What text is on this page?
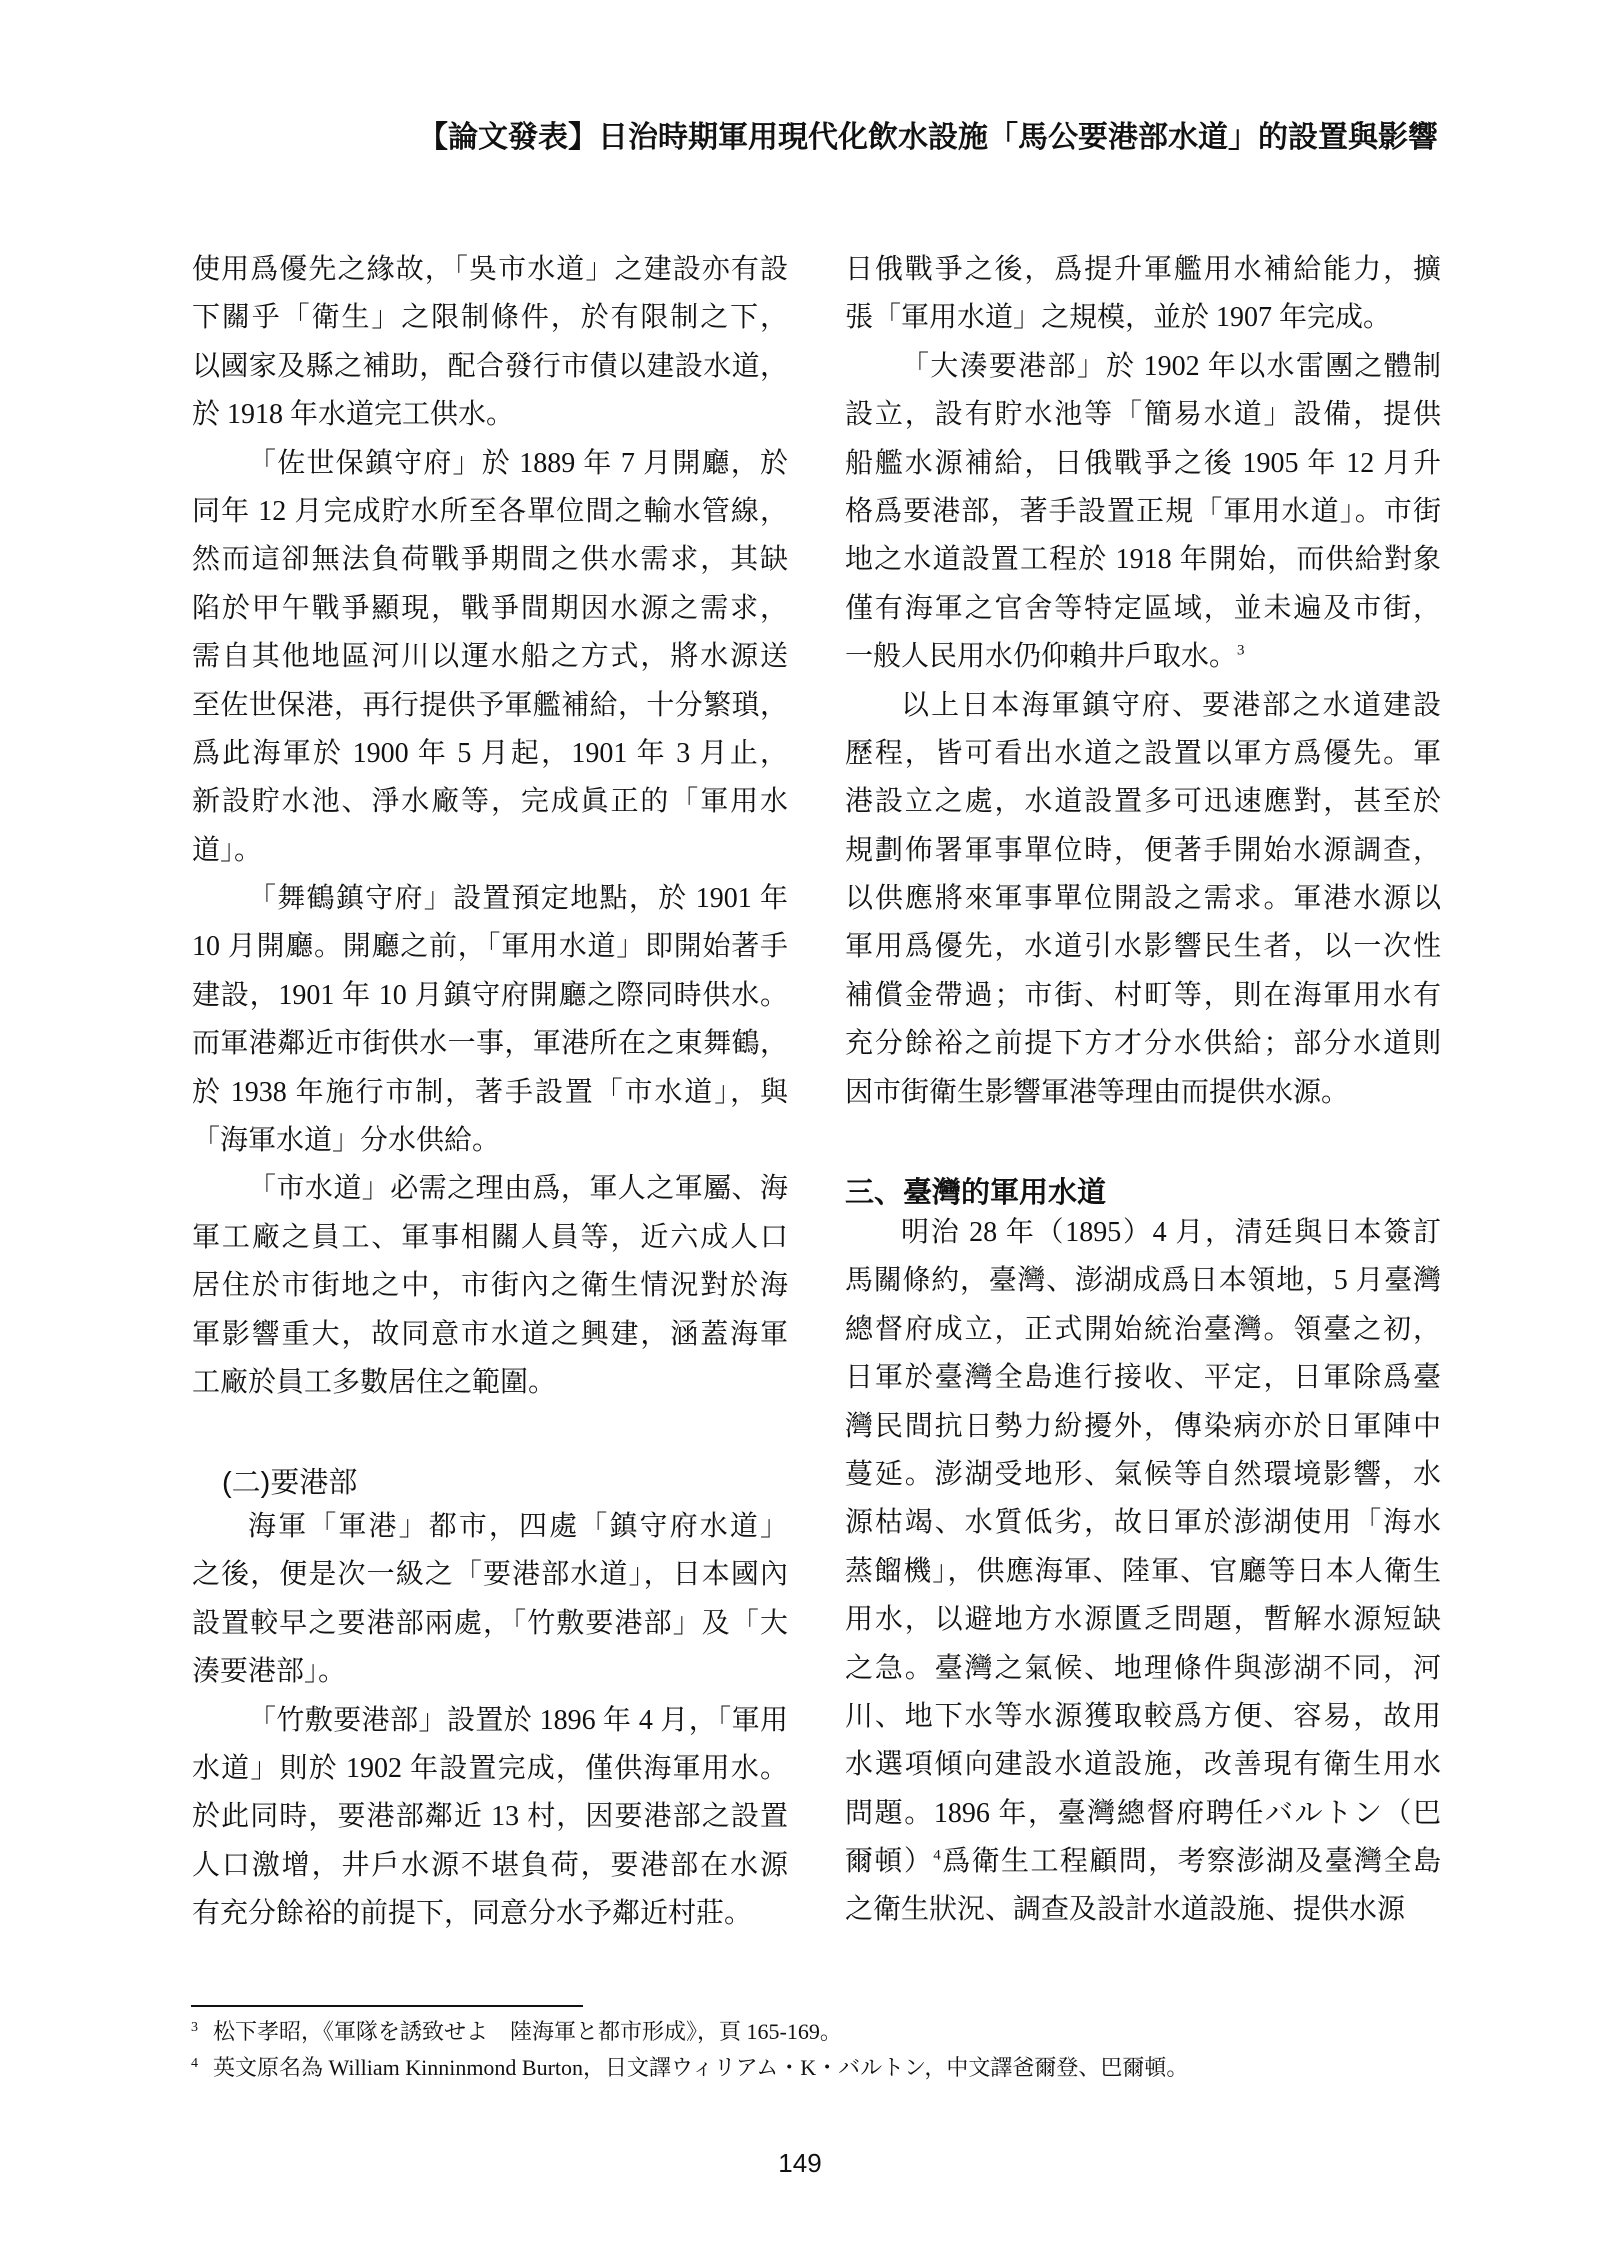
【論文發表】日治時期軍用現代化飲水設施「馬公要港部水道」的設置與影響
使用爲優先之緣故，「吳市水道」之建設亦有設
下關乎「衛生」之限制條件，於有限制之下，
以國家及縣之補助，配合發行市債以建設水道，
於 1918 年水道完工供水。
「佐世保鎮守府」於 1889 年 7 月開廳，於
同年 12 月完成貯水所至各單位間之輸水管線，
然而這卻無法負荷戰爭期間之供水需求，其缺
陷於甲午戰爭顯現，戰爭間期因水源之需求，
需自其他地區河川以運水船之方式，將水源送
至佐世保港，再行提供予軍艦補給，十分繁瑣，
爲此海軍於 1900 年 5 月起，1901 年 3 月止，
新設貯水池、淨水廠等，完成眞正的「軍用水
道」。
「舞鶴鎮守府」設置預定地點，於 1901 年
10 月開廳。開廳之前，「軍用水道」即開始著手
建設，1901 年 10 月鎮守府開廳之際同時供水。
而軍港鄰近市街供水一事，軍港所在之東舞鶴，
於 1938 年施行市制，著手設置「市水道」，與
「海軍水道」分水供給。
「市水道」必需之理由爲，軍人之軍屬、海
軍工廠之員工、軍事相關人員等，近六成人口
居住於市街地之中，市街內之衛生情況對於海
軍影響重大，故同意市水道之興建，涵蓋海軍
工廠於員工多數居住之範圍。
(二)要港部
海軍「軍港」都市，四處「鎮守府水道」
之後，便是次一級之「要港部水道」，日本國內
設置較早之要港部兩處，「竹敷要港部」及「大
湊要港部」。
「竹敷要港部」設置於 1896 年 4 月，「軍用
水道」則於 1902 年設置完成，僅供海軍用水。
於此同時，要港部鄰近 13 村，因要港部之設置
人口激增，井戶水源不堪負荷，要港部在水源
有充分餘裕的前提下，同意分水予鄰近村莊。
日俄戰爭之後，爲提升軍艦用水補給能力，擴
張「軍用水道」之規模，並於 1907 年完成。
「大湊要港部」於 1902 年以水雷團之體制
設立，設有貯水池等「簡易水道」設備，提供
船艦水源補給，日俄戰爭之後 1905 年 12 月升
格爲要港部，著手設置正規「軍用水道」。市街
地之水道設置工程於 1918 年開始，而供給對象
僅有海軍之官舍等特定區域，並未遍及市街，
一般人民用水仍仰賴井戶取水。$^3$
以上日本海軍鎮守府、要港部之水道建設
歷程，皆可看出水道之設置以軍方爲優先。軍
港設立之處，水道設置多可迅速應對，甚至於
規劃佈署軍事單位時，便著手開始水源調查，
以供應將來軍事單位開設之需求。軍港水源以
軍用爲優先，水道引水影響民生者，以一次性
補償金帶過；市街、村町等，則在海軍用水有
充分餘裕之前提下方才分水供給；部分水道則
因市街衛生影響軍港等理由而提供水源。
三、臺灣的軍用水道
明治 28 年（1895）4 月，清廷與日本簽訂
馬關條約，臺灣、澎湖成爲日本領地，5 月臺灣
總督府成立，正式開始統治臺灣。領臺之初，
日軍於臺灣全島進行接收、平定，日軍除爲臺
灣民間抗日勢力紛擾外，傳染病亦於日軍陣中
蔓延。澎湖受地形、氣候等自然環境影響，水
源枯竭、水質低劣，故日軍於澎湖使用「海水
蒸餾機」，供應海軍、陸軍、官廳等日本人衛生
用水，以避地方水源匱乏問題，暫解水源短缺
之急。臺灣之氣候、地理條件與澎湖不同，河
川、地下水等水源獲取較爲方便、容易，故用
水選項傾向建設水道設施，改善現有衛生用水
問題。1896 年，臺灣總督府聘任バルトン（巴
爾頓）$^4$爲衛生工程顧問，考察澎湖及臺灣全島
之衛生狀況、調查及設計水道設施、提供水源
3 松下孝昭，《軍隊を誘致せよ　陸海軍と都市形成》，頁 165-169。
4 英文原名為 William Kinninmond Burton，日文譯ウィリアム・K・バルトン，中文譯爸爾登、巴爾頓。
149
